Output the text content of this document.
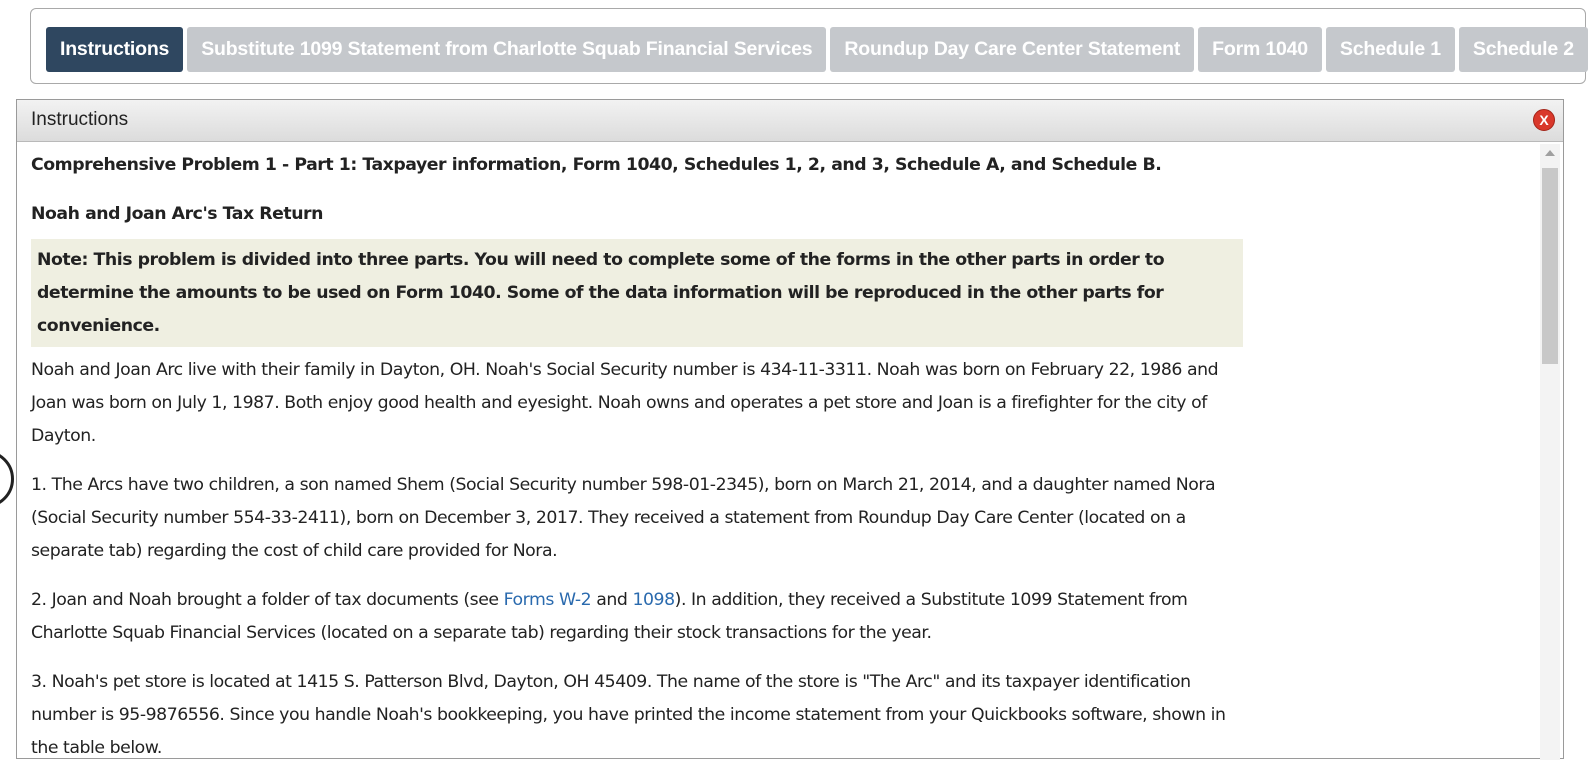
Instructions	Substitute 1099 Statement from Charlotte Squab Financial Services	Roundup Day Care Center Statement	Form 1040	Schedule 1	Schedule 2
Instructions	X

Comprehensive Problem 1 - Part 1: Taxpayer information, Form 1040, Schedules 1, 2, and 3, Schedule A, and Schedule B.

Noah and Joan Arc's Tax Return

Note: This problem is divided into three parts. You will need to complete some of the forms in the other parts in order to determine the amounts to be used on Form 1040. Some of the data information will be reproduced in the other parts for convenience.

Noah and Joan Arc live with their family in Dayton, OH. Noah's Social Security number is 434-11-3311. Noah was born on February 22, 1986 and Joan was born on July 1, 1987. Both enjoy good health and eyesight. Noah owns and operates a pet store and Joan is a firefighter for the city of Dayton.

1. The Arcs have two children, a son named Shem (Social Security number 598-01-2345), born on March 21, 2014, and a daughter named Nora (Social Security number 554-33-2411), born on December 3, 2017. They received a statement from Roundup Day Care Center (located on a separate tab) regarding the cost of child care provided for Nora.

2. Joan and Noah brought a folder of tax documents (see Forms W-2 and 1098). In addition, they received a Substitute 1099 Statement from Charlotte Squab Financial Services (located on a separate tab) regarding their stock transactions for the year.

3. Noah's pet store is located at 1415 S. Patterson Blvd, Dayton, OH 45409. The name of the store is "The Arc" and its taxpayer identification number is 95-9876556. Since you handle Noah's bookkeeping, you have printed the income statement from your Quickbooks software, shown in the table below.
